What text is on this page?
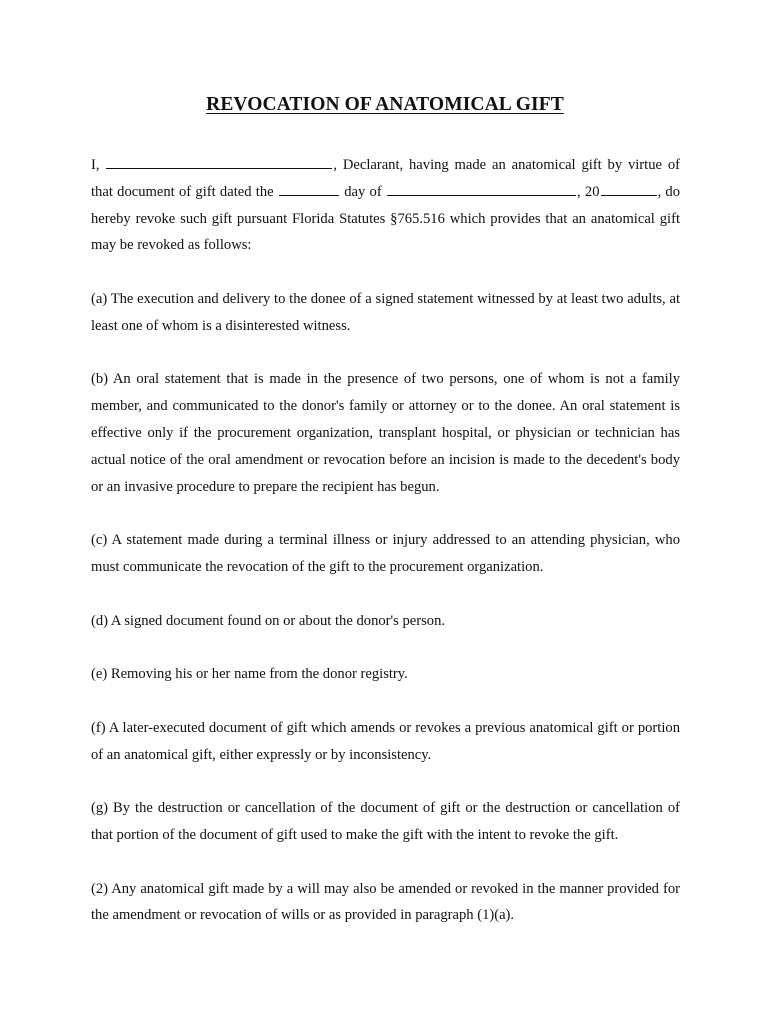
REVOCATION OF ANATOMICAL GIFT

I,	, Declarant, having made an anatomical gift by virtue of that document of gift dated the	day of	, 20	, do hereby revoke such gift pursuant Florida Statutes §765.516 which provides that an anatomical gift may be revoked as follows:

(a) The execution and delivery to the donee of a signed statement witnessed by at least two adults, at least one of whom is a disinterested witness.

(b) An oral statement that is made in the presence of two persons, one of whom is not a family member, and communicated to the donor's family or attorney or to the donee. An oral statement is effective only if the procurement organization, transplant hospital, or physician or technician has actual notice of the oral amendment or revocation before an incision is made to the decedent's body or an invasive procedure to prepare the recipient has begun.

(c) A statement made during a terminal illness or injury addressed to an attending physician, who must communicate the revocation of the gift to the procurement organization.

(d) A signed document found on or about the donor's person.

(e) Removing his or her name from the donor registry.

(f) A later-executed document of gift which amends or revokes a previous anatomical gift or portion of an anatomical gift, either expressly or by inconsistency.

(g) By the destruction or cancellation of the document of gift or the destruction or cancellation of that portion of the document of gift used to make the gift with the intent to revoke the gift.

(2) Any anatomical gift made by a will may also be amended or revoked in the manner provided for the amendment or revocation of wills or as provided in paragraph (1)(a).
